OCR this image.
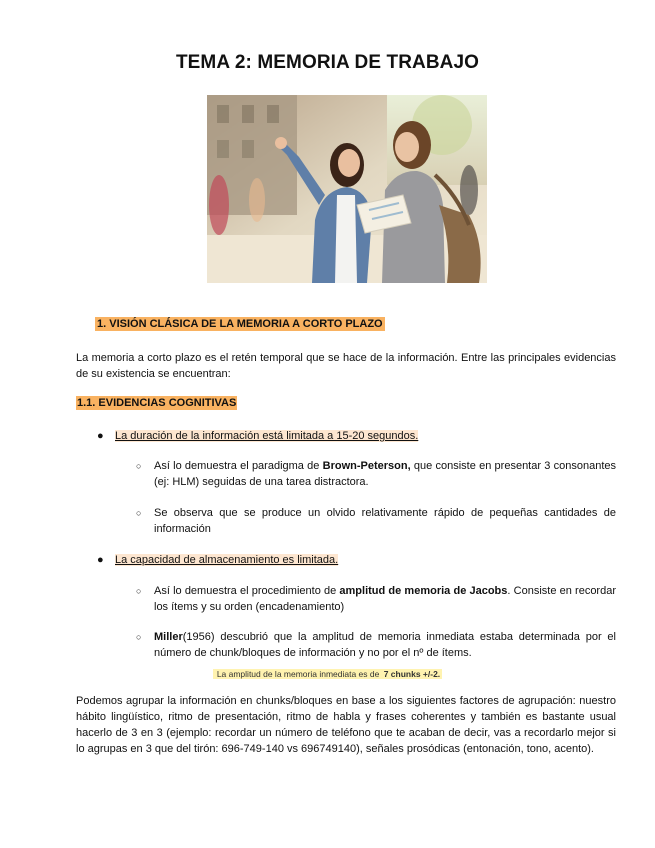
TEMA 2: MEMORIA DE TRABAJO
1. VISIÓN CLÁSICA DE LA MEMORIA A CORTO PLAZO
La memoria a corto plazo es el retén temporal que se hace de la información. Entre las principales evidencias de su existencia se encuentran:
1.1. EVIDENCIAS COGNITIVAS
● La duración de la información está limitada a 15-20 segundos.
○	Así lo demuestra el paradigma de Brown-Peterson, que consiste en presentar 3 consonantes (ej: HLM) seguidas de una tarea distractora.
○	Se observa que se produce un olvido relativamente rápido de pequeñas cantidades de información
● La capacidad de almacenamiento es limitada.
○	Así lo demuestra el procedimiento de amplitud de memoria de Jacobs. Consiste en recordar los ítems y su orden (encadenamiento)
○	Miller(1956) descubrió que la amplitud de memoria inmediata estaba determinada por el número de chunk/bloques de información y no por el nº de ítems.
La amplitud de la memoria inmediata es de 7 chunks +/-2.
Podemos agrupar la información en chunks/bloques en base a los siguientes factores de agrupación: nuestro hábito lingüístico, ritmo de presentación, ritmo de habla y frases coherentes y también es bastante usual hacerlo de 3 en 3 (ejemplo: recordar un número de teléfono que te acaban de decir, vas a recordarlo mejor si lo agrupas en 3 que del tirón: 696-749-140 vs 696749140), señales prosódicas (entonación, tono, acento).
